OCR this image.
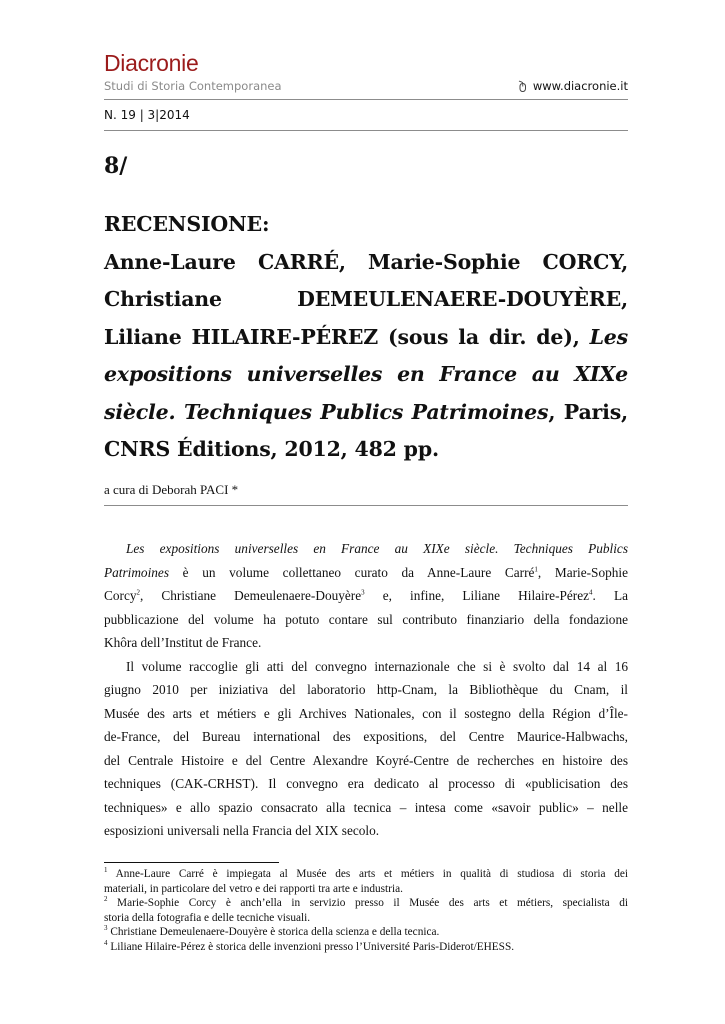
Diacronie
Studi di Storia Contemporanea	www.diacronie.it
N. 19 | 3|2014
8/
RECENSIONE:
Anne-Laure CARRÉ, Marie-Sophie CORCY,
Christiane DEMEULENAERE-DOUYÈRE,
Liliane HILAIRE-PÉREZ (sous la dir. de), Les
expositions universelles en France au XIXe
siècle. Techniques Publics Patrimoines, Paris,
CNRS Éditions, 2012, 482 pp.
a cura di Deborah PACI *

Les expositions universelles en France au XIXe siècle. Techniques Publics
Patrimoines è un volume collettaneo curato da Anne-Laure Carré$^1$, Marie-Sophie
Corcy$^2$, Christiane Demeulenaere-Douyère$^3$ e, infine, Liliane Hilaire-Pérez$^4$. La
pubblicazione del volume ha potuto contare sul contributo finanziario della fondazione
Khôra dell’Institut de France.

Il volume raccoglie gli atti del convegno internazionale che si è svolto dal 14 al 16
giugno 2010 per iniziativa del laboratorio http-Cnam, la Bibliothèque du Cnam, il
Musée des arts et métiers e gli Archives Nationales, con il sostegno della Région d’Île-
de-France, del Bureau international des expositions, del Centre Maurice-Halbwachs,
del Centrale Histoire e del Centre Alexandre Koyré-Centre de recherches en histoire des
techniques (CAK-CRHST). Il convegno era dedicato al processo di «publicisation des
techniques» e allo spazio consacrato alla tecnica – intesa come «savoir public» – nelle
esposizioni universali nella Francia del XIX secolo.

$^1$ Anne-Laure Carré è impiegata al Musée des arts et métiers in qualità di studiosa di storia dei
materiali, in particolare del vetro e dei rapporti tra arte e industria.
$^2$ Marie-Sophie Corcy è anch’ella in servizio presso il Musée des arts et métiers, specialista di
storia della fotografia e delle tecniche visuali.
$^3$ Christiane Demeulenaere-Douyère è storica della scienza e della tecnica.
$^4$ Liliane Hilaire-Pérez è storica delle invenzioni presso l’Université Paris-Diderot/EHESS.
